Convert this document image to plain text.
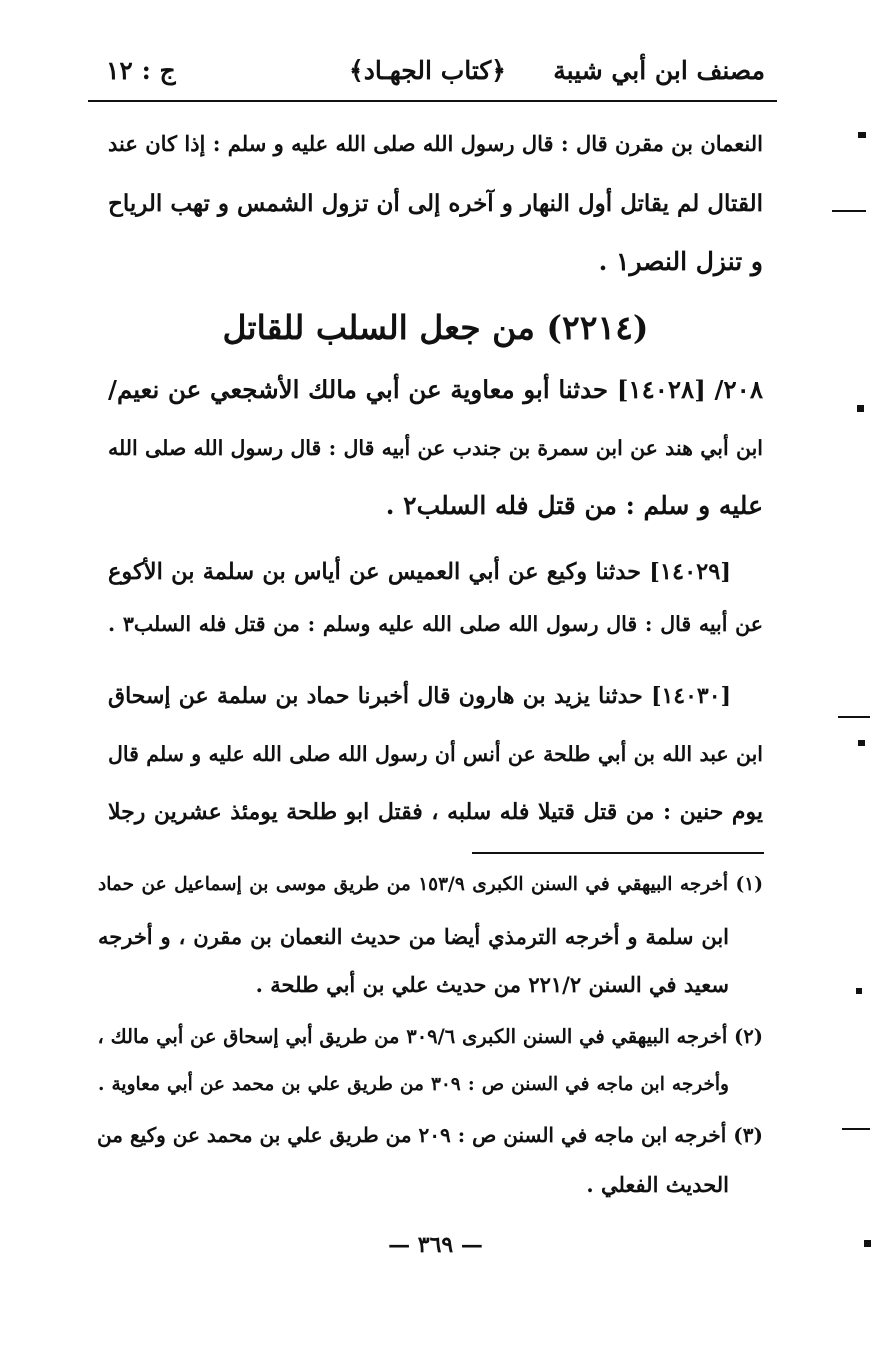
مصنف ابن أبي شيبة
﴿كتاب الجهـاد﴾
ج : ١٢
النعمان بن مقرن قال : قال رسول الله صلى الله عليه و سلم : إذا كان عند
القتال لم يقاتل أول النهار و آخره إلى أن تزول الشمس و تهب الرياح
و تنزل النصر١ .
(٢٢١٤) من جعل السلب للقاتل
٢٠٨/ [١٤٠٢٨] حدثنا أبو معاوية عن أبي مالك الأشجعي عن نعيم/
ابن أبي هند عن ابن سمرة بن جندب عن أبيه قال : قال رسول الله صلى الله
عليه و سلم : من قتل فله السلب٢ .
[١٤٠٢٩] حدثنا وكيع عن أبي العميس عن أياس بن سلمة بن الأكوع
عن أبيه قال : قال رسول الله صلى الله عليه وسلم : من قتل فله السلب٣ .
[١٤٠٣٠] حدثنا يزيد بن هارون قال أخبرنا حماد بن سلمة عن إسحاق
ابن عبد الله بن أبي طلحة عن أنس أن رسول الله صلى الله عليه و سلم قال
يوم حنين : من قتل قتيلا فله سلبه ، فقتل ابو طلحة يومئذ عشرين رجلا
(١) أخرجه البيهقي في السنن الكبرى ١٥٣/٩ من طريق موسى بن إسماعيل عن حماد
ابن سلمة و أخرجه الترمذي أيضا من حديث النعمان بن مقرن ، و أخرجه
سعيد في السنن ٢٢١/٢ من حديث علي بن أبي طلحة .
(٢) أخرجه البيهقي في السنن الكبرى ٣٠٩/٦ من طريق أبي إسحاق عن أبي مالك ،
وأخرجه ابن ماجه في السنن ص : ٣٠٩ من طريق علي بن محمد عن أبي معاوية .
(٣) أخرجه ابن ماجه في السنن ص : ٢٠٩ من طريق علي بن محمد عن وكيع من
الحديث الفعلي .
— ٣٦٩ —
